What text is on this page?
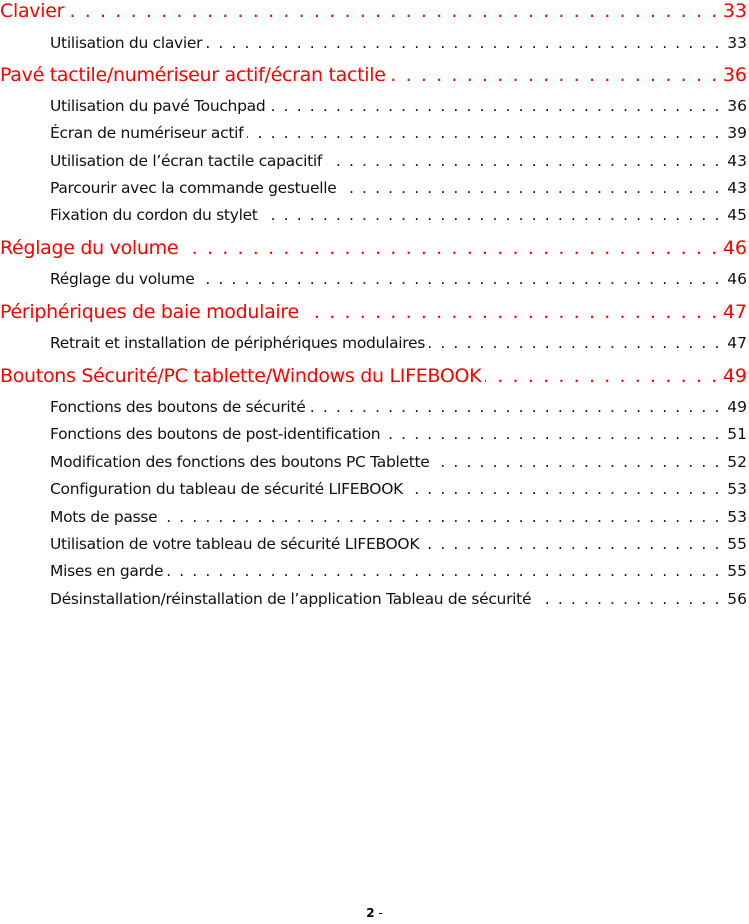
Clavier . . .	33
Utilisation du clavier . . .	33
Pavé tactile/numériseur actif/écran tactile . . .	36
Utilisation du pavé Touchpad . . .	36
Écran de numériseur actif . . .	39
Utilisation de l’écran tactile capacitif . . .	43
Parcourir avec la commande gestuelle . . .	43
Fixation du cordon du stylet . . .	45
Réglage du volume . . .	46
Réglage du volume . . .	46
Périphériques de baie modulaire . . .	47
Retrait et installation de périphériques modulaires . . .	47
Boutons Sécurité/PC tablette/Windows du LIFEBOOK . . .	49
Fonctions des boutons de sécurité . . .	49
Fonctions des boutons de post-identification . . .	51
Modification des fonctions des boutons PC Tablette . . .	52
Configuration du tableau de sécurité LIFEBOOK . . .	53
Mots de passe . . .	53
Utilisation de votre tableau de sécurité LIFEBOOK . . .	55
Mises en garde . . .	55
Désinstallation/réinstallation de l’application Tableau de sécurité . . .	56
2 -
